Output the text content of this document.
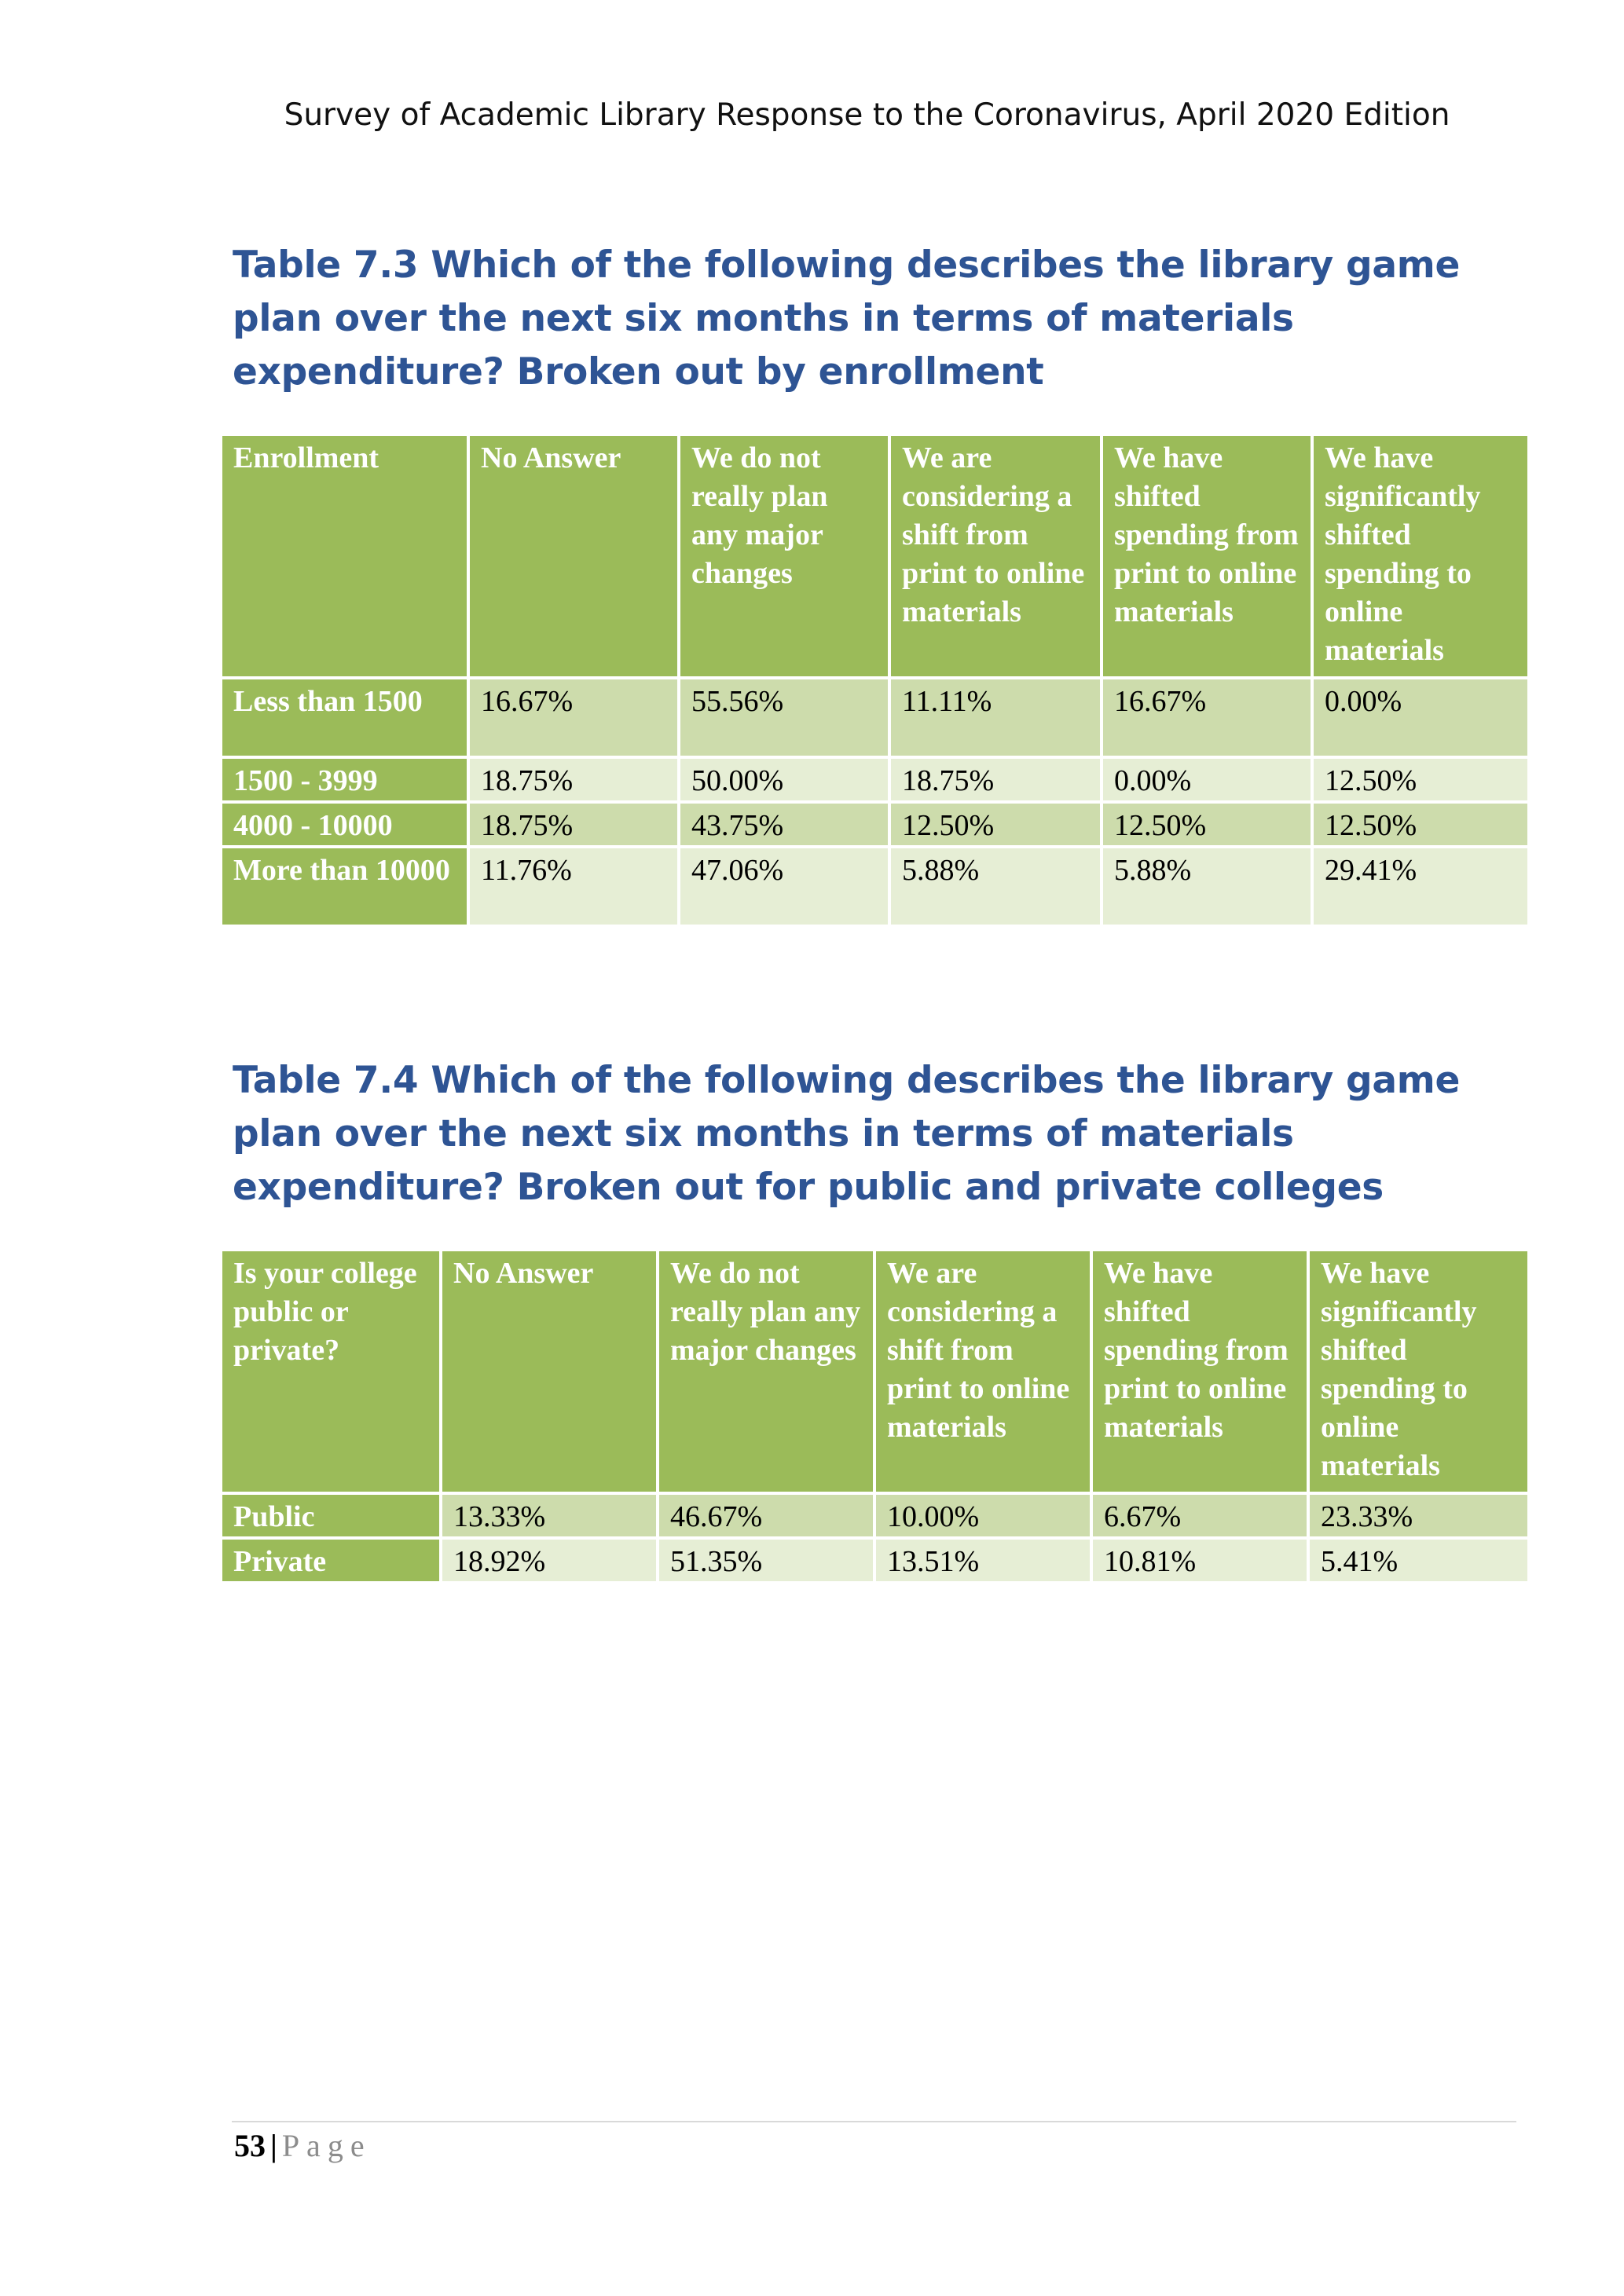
Survey of Academic Library Response to the Coronavirus, April 2020 Edition
Table 7.3 Which of the following describes the library game plan over the next six months in terms of materials expenditure? Broken out by enrollment
Enrollment	No Answer	We do not really plan any major changes	We are considering a shift from print to online materials	We have shifted spending from print to online materials	We have significantly shifted spending to online materials
Less than 1500	16.67%	55.56%	11.11%	16.67%	0.00%
1500 - 3999	18.75%	50.00%	18.75%	0.00%	12.50%
4000 - 10000	18.75%	43.75%	12.50%	12.50%	12.50%
More than 10000	11.76%	47.06%	5.88%	5.88%	29.41%
Table 7.4 Which of the following describes the library game plan over the next six months in terms of materials expenditure? Broken out for public and private colleges
Is your college public or private?	No Answer	We do not really plan any major changes	We are considering a shift from print to online materials	We have shifted spending from print to online materials	We have significantly shifted spending to online materials
Public	13.33%	46.67%	10.00%	6.67%	23.33%
Private	18.92%	51.35%	13.51%	10.81%	5.41%
53 | Page
